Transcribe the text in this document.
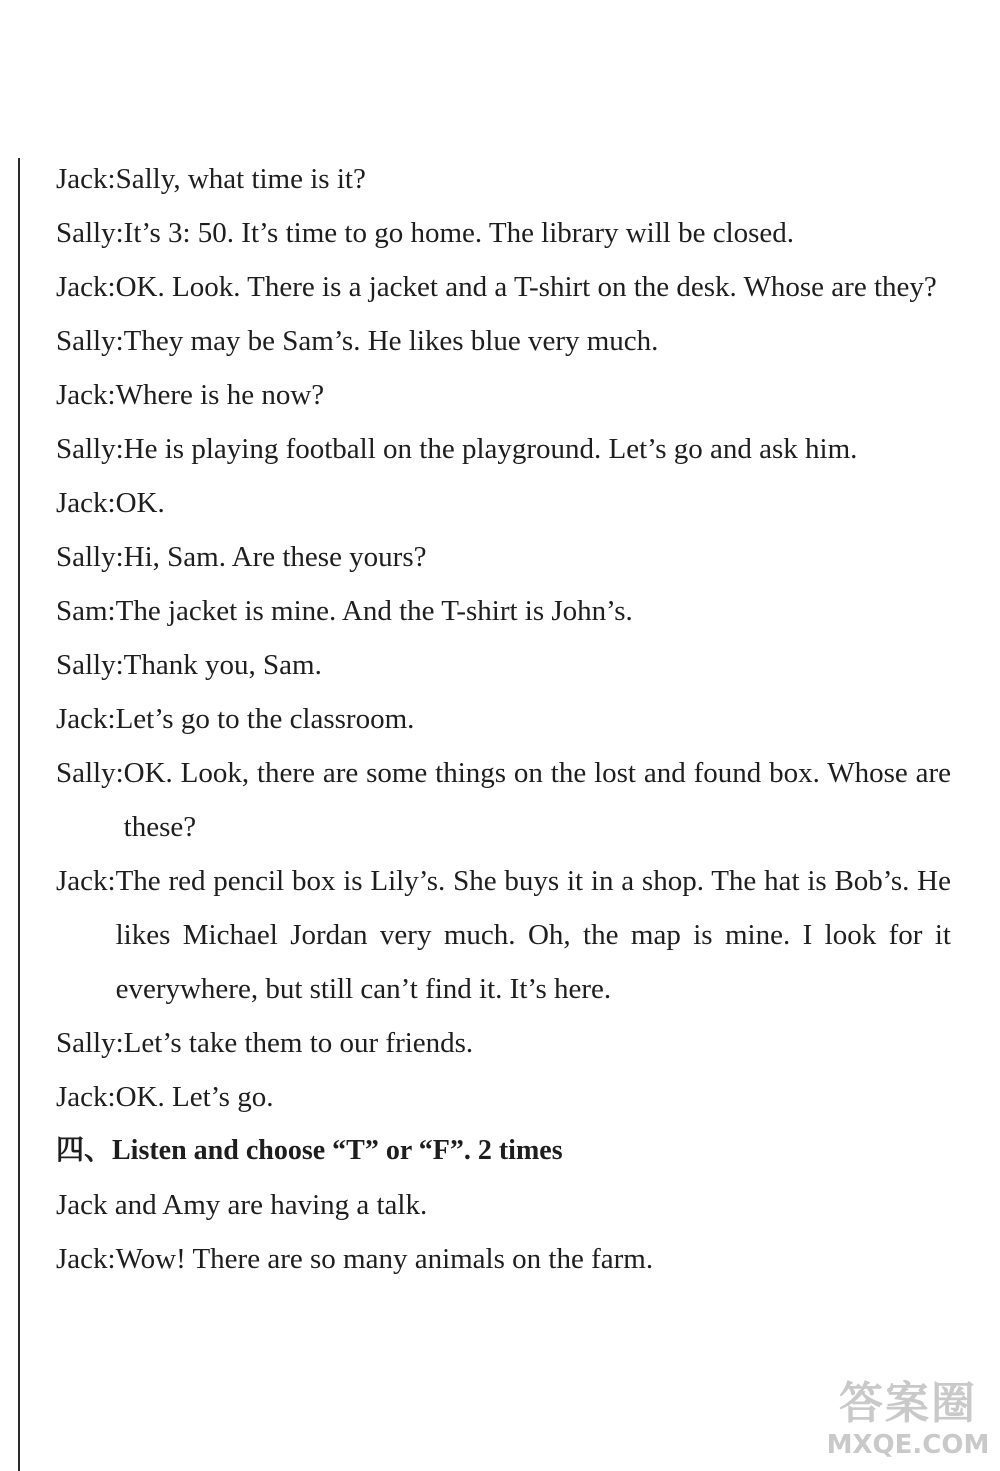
Jack: Sally, what time is it?
Sally: It’s 3: 50. It’s time to go home. The library will be closed.
Jack: OK. Look. There is a jacket and a T-shirt on the desk. Whose are they?
Sally: They may be Sam’s. He likes blue very much.
Jack: Where is he now?
Sally: He is playing football on the playground. Let’s go and ask him.
Jack: OK.
Sally: Hi, Sam. Are these yours?
Sam: The jacket is mine. And the T-shirt is John’s.
Sally: Thank you, Sam.
Jack: Let’s go to the classroom.
Sally: OK. Look, there are some things on the lost and found box. Whose are these?
Jack: The red pencil box is Lily’s. She buys it in a shop. The hat is Bob’s. He likes Michael Jordan very much. Oh, the map is mine. I look for it everywhere, but still can’t find it. It’s here.
Sally: Let’s take them to our friends.
Jack: OK. Let’s go.
四、Listen and choose “T” or “F”. 2 times
Jack and Amy are having a talk.
Jack: Wow! There are so many animals on the farm.
答案圈
MXQE.COM
